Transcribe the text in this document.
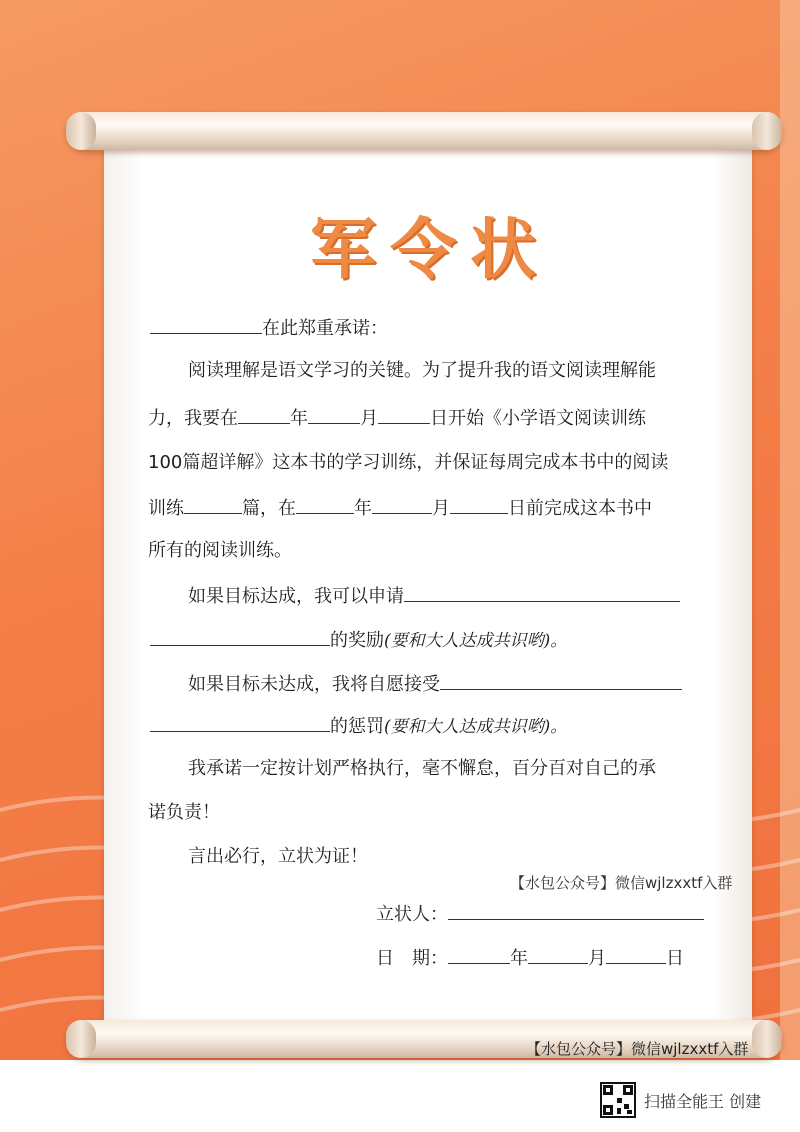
军令状
在此郑重承诺：
阅读理解是语文学习的关键。为了提升我的语文阅读理解能
力，我要在	年	月	日开始《小学语文阅读训练
100篇超详解》这本书的学习训练，并保证每周完成本书中的阅读
训练	篇，在	年	月	日前完成这本书中
所有的阅读训练。
如果目标达成，我可以申请
的奖励(要和大人达成共识哟)。
如果目标未达成，我将自愿接受
的惩罚(要和大人达成共识哟)。
我承诺一定按计划严格执行，毫不懈怠，百分百对自己的承
诺负责！
言出必行，立状为证！
【水包公众号】微信wjlzxxtf入群
立状人：
日　期：	年	月	日
【水包公众号】微信wjlzxxtf入群
扫描全能王 创建
